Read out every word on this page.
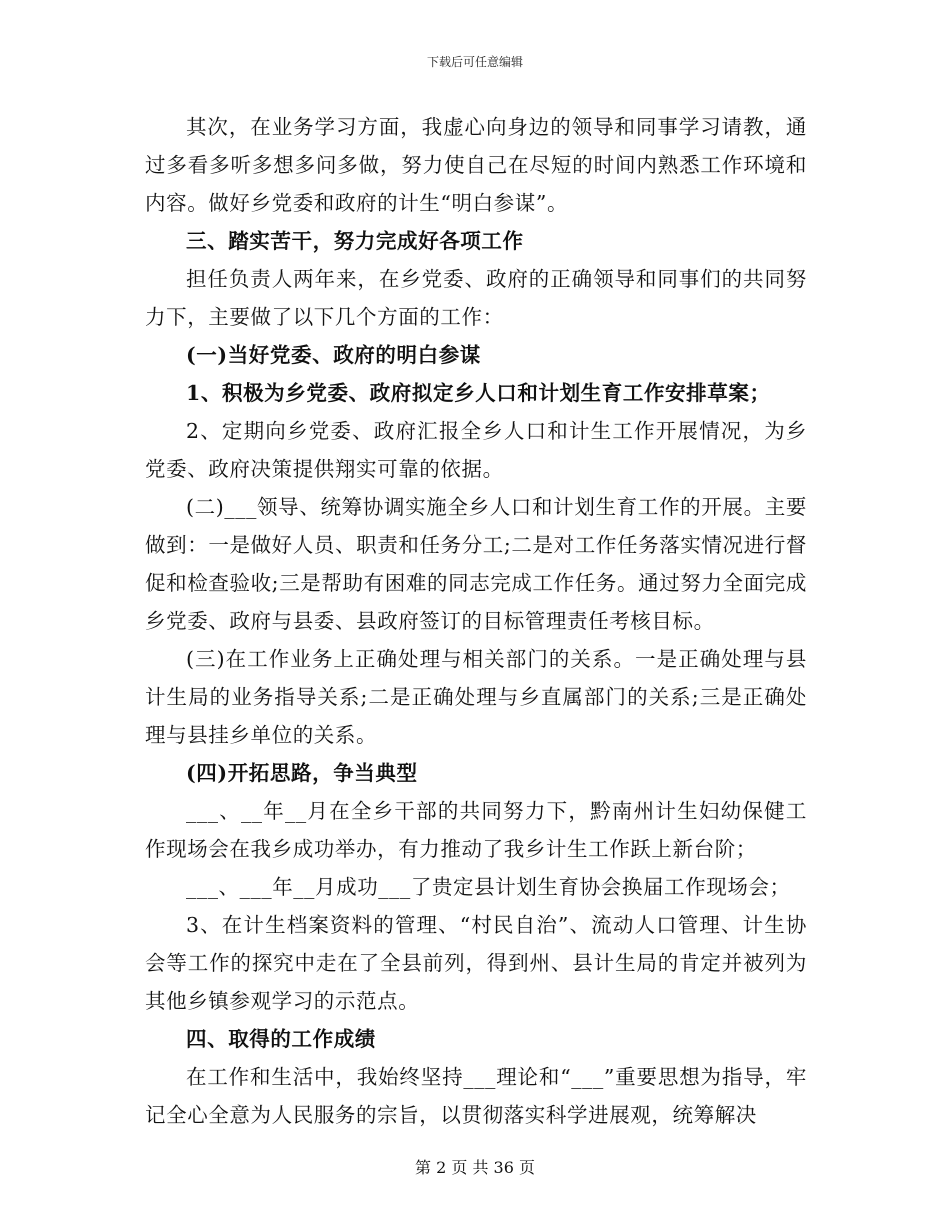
下载后可任意编辑

其次，在业务学习方面，我虚心向身边的领导和同事学习请教，通过多看多听多想多问多做，努力使自己在尽短的时间内熟悉工作环境和内容。做好乡党委和政府的计生“明白参谋”。

三、踏实苦干，努力完成好各项工作

担任负责人两年来，在乡党委、政府的正确领导和同事们的共同努力下，主要做了以下几个方面的工作：

(一)当好党委、政府的明白参谋

1、积极为乡党委、政府拟定乡人口和计划生育工作安排草案；

2、定期向乡党委、政府汇报全乡人口和计生工作开展情况，为乡党委、政府决策提供翔实可靠的依据。

(二)___领导、统筹协调实施全乡人口和计划生育工作的开展。主要做到：一是做好人员、职责和任务分工;二是对工作任务落实情况进行督促和检查验收;三是帮助有困难的同志完成工作任务。通过努力全面完成乡党委、政府与县委、县政府签订的目标管理责任考核目标。

(三)在工作业务上正确处理与相关部门的关系。一是正确处理与县计生局的业务指导关系;二是正确处理与乡直属部门的关系;三是正确处理与县挂乡单位的关系。

(四)开拓思路，争当典型

___、__年__月在全乡干部的共同努力下，黔南州计生妇幼保健工作现场会在我乡成功举办，有力推动了我乡计生工作跃上新台阶；

___、___年__月成功___了贵定县计划生育协会换届工作现场会；

3、在计生档案资料的管理、“村民自治”、流动人口管理、计生协会等工作的探究中走在了全县前列，得到州、县计生局的肯定并被列为其他乡镇参观学习的示范点。

四、取得的工作成绩

在工作和生活中，我始终坚持___理论和“___”重要思想为指导，牢记全心全意为人民服务的宗旨，以贯彻落实科学进展观，统筹解决

第 2 页 共 36 页
